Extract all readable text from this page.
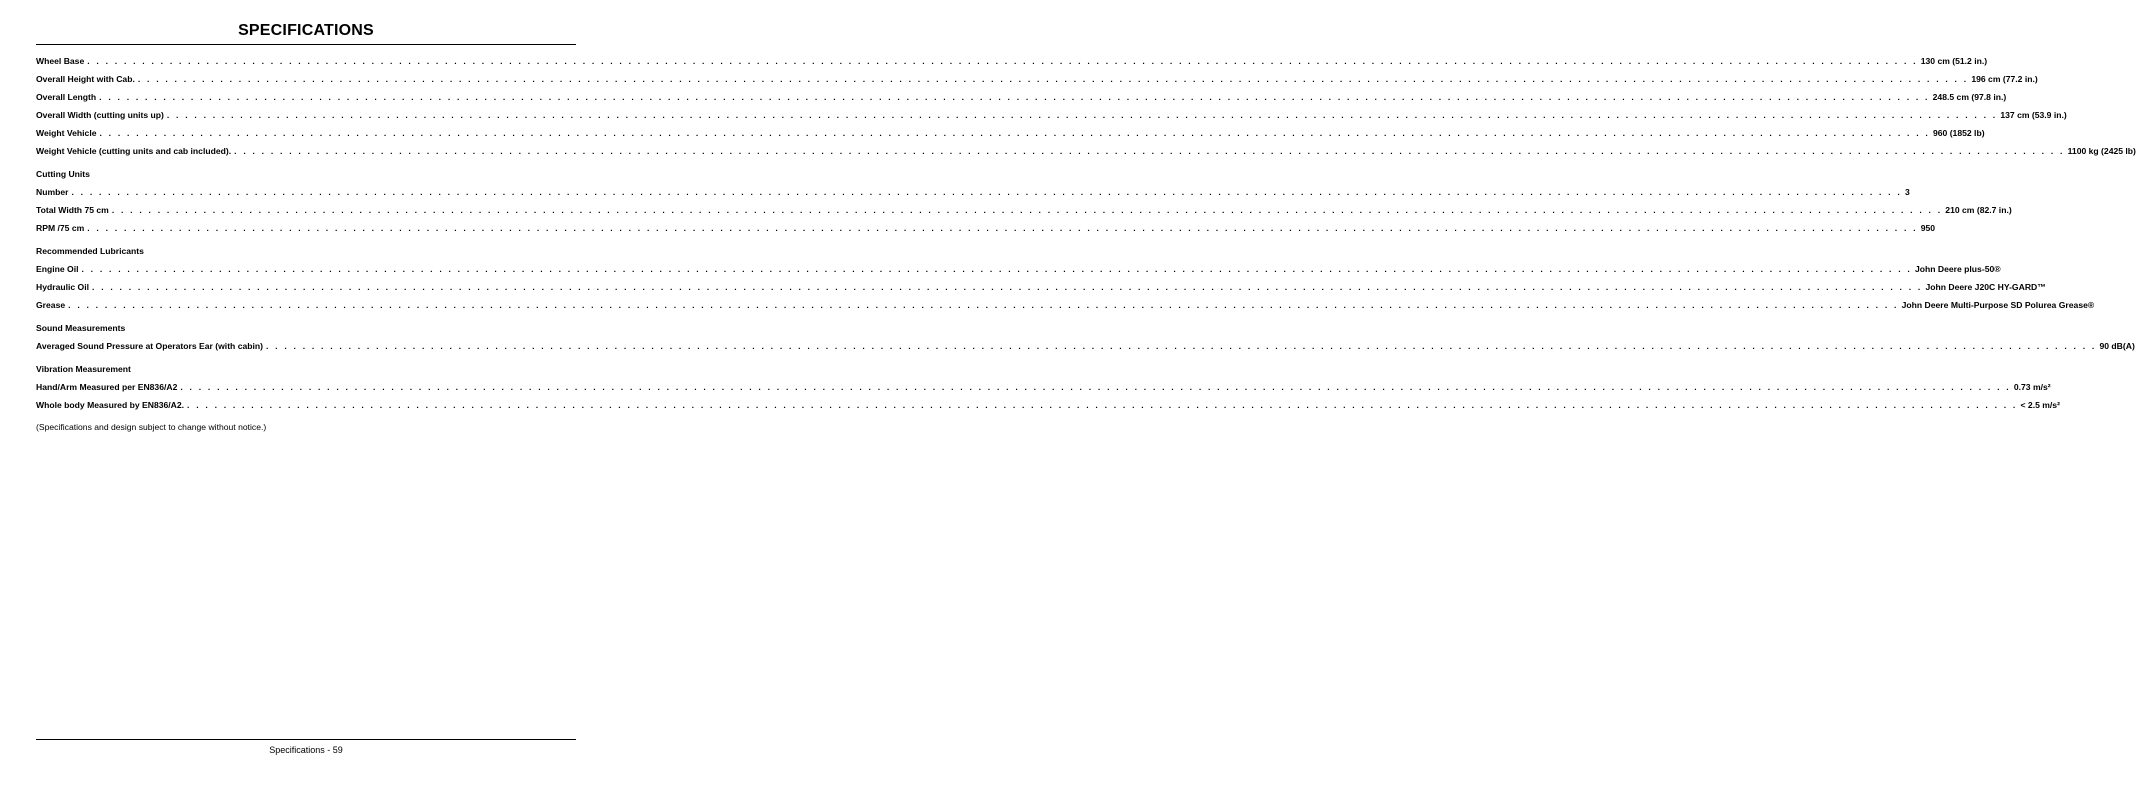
SPECIFICATIONS
Wheel Base . . . . . . . . . . . . . . . . . . . . . . . . . . . . . . . . . . . . . . . . . . . . . . . . . . . . . . . . . . . . . . . . . . . . . . . . . . . . . . . . . . . . . . . . . . . . . . . . . . . . . . . . . . . . . . . . . . . . . . . . . . . . . . . . . . . . . . . . . . . . . . . . . . . . . . . . . . . . . . . . . . . . . . . . . . . . . . . . . . . . . . . . . . . . . . . . . . . . . . . . 130 cm (51.2 in.)
Overall Height with Cab. . . . . . . . . . . . . . . . . . . . . . . . . . . . . . . . . . . . . . . . . . . . . . . . . . . . . . . . . . . . . . . . . . . . . . . . . . . . . . . . . . . . . . . . . . . . . . . . . . . . . . . . . . . . . . . . . . . . . . . . . . . . . . . . . . . . . . . . . . . . . . . . . . . . . . . . . . . . . . . . . . . . . . . . . . . . . . . . . . . . . . . . . . . . . . . . . . . . . . . . . 196 cm (77.2 in.)
Overall Length . . . . . . . . . . . . . . . . . . . . . . . . . . . . . . . . . . . . . . . . . . . . . . . . . . . . . . . . . . . . . . . . . . . . . . . . . . . . . . . . . . . . . . . . . . . . . . . . . . . . . . . . . . . . . . . . . . . . . . . . . . . . . . . . . . . . . . . . . . . . . . . . . . . . . . . . . . . . . . . . . . . . . . . . . . . . . . . . . . . . . . . . . . . . . . . . . . . . . . . . 248.5 cm (97.8 in.)
Overall Width (cutting units up) . . . . . . . . . . . . . . . . . . . . . . . . . . . . . . . . . . . . . . . . . . . . . . . . . . . . . . . . . . . . . . . . . . . . . . . . . . . . . . . . . . . . . . . . . . . . . . . . . . . . . . . . . . . . . . . . . . . . . . . . . . . . . . . . . . . . . . . . . . . . . . . . . . . . . . . . . . . . . . . . . . . . . . . . . . . . . . . . . . . . . . . . . . . . . . . . . . . . . . . . 137 cm (53.9 in.)
Weight Vehicle . . . . . . . . . . . . . . . . . . . . . . . . . . . . . . . . . . . . . . . . . . . . . . . . . . . . . . . . . . . . . . . . . . . . . . . . . . . . . . . . . . . . . . . . . . . . . . . . . . . . . . . . . . . . . . . . . . . . . . . . . . . . . . . . . . . . . . . . . . . . . . . . . . . . . . . . . . . . . . . . . . . . . . . . . . . . . . . . . . . . . . . . . . . . . . . . . . . . . . . . 960 (1852 lb)
Weight Vehicle (cutting units and cab included). . . . . . . . . . . . . . . . . . . . . . . . . . . . . . . . . . . . . . . . . . . . . . . . . . . . . . . . . . . . . . . . . . . . . . . . . . . . . . . . . . . . . . . . . . . . . . . . . . . . . . . . . . . . . . . . . . . . . . . . . . . . . . . . . . . . . . . . . . . . . . . . . . . . . . . . . . . . . . . . . . . . . . . . . . . . . . . . . . . . . . . . . . . . . . . . . . . . . . . . . 1100 kg (2425 lb)
Cutting Units
Number . . . . . . . . . . . . . . . . . . . . . . . . . . . . . . . . . . . . . . . . . . . . . . . . . . . . . . . . . . . . . . . . . . . . . . . . . . . . . . . . . . . . . . . . . . . . . . . . . . . . . . . . . . . . . . . . . . . . . . . . . . . . . . . . . . . . . . . . . . . . . . . . . . . . . . . . . . . . . . . . . . . . . . . . . . . . . . . . . . . . . . . . . . . . . . . . . . . . . . . . 3
Total Width 75 cm . . . . . . . . . . . . . . . . . . . . . . . . . . . . . . . . . . . . . . . . . . . . . . . . . . . . . . . . . . . . . . . . . . . . . . . . . . . . . . . . . . . . . . . . . . . . . . . . . . . . . . . . . . . . . . . . . . . . . . . . . . . . . . . . . . . . . . . . . . . . . . . . . . . . . . . . . . . . . . . . . . . . . . . . . . . . . . . . . . . . . . . . . . . . . . . . . . . . . . . . 210 cm (82.7 in.)
RPM /75 cm . . . . . . . . . . . . . . . . . . . . . . . . . . . . . . . . . . . . . . . . . . . . . . . . . . . . . . . . . . . . . . . . . . . . . . . . . . . . . . . . . . . . . . . . . . . . . . . . . . . . . . . . . . . . . . . . . . . . . . . . . . . . . . . . . . . . . . . . . . . . . . . . . . . . . . . . . . . . . . . . . . . . . . . . . . . . . . . . . . . . . . . . . . . . . . . . . . . . . . . . 950
Recommended Lubricants
Engine Oil . . . . . . . . . . . . . . . . . . . . . . . . . . . . . . . . . . . . . . . . . . . . . . . . . . . . . . . . . . . . . . . . . . . . . . . . . . . . . . . . . . . . . . . . . . . . . . . . . . . . . . . . . . . . . . . . . . . . . . . . . . . . . . . . . . . . . . . . . . . . . . . . . . . . . . . . . . . . . . . . . . . . . . . . . . . . . . . . . . . . . . . . . . . . . . . . . . . . . . . . John Deere plus-50®
Hydraulic Oil . . . . . . . . . . . . . . . . . . . . . . . . . . . . . . . . . . . . . . . . . . . . . . . . . . . . . . . . . . . . . . . . . . . . . . . . . . . . . . . . . . . . . . . . . . . . . . . . . . . . . . . . . . . . . . . . . . . . . . . . . . . . . . . . . . . . . . . . . . . . . . . . . . . . . . . . . . . . . . . . . . . . . . . . . . . . . . . . . . . . . . . . . . . . . . . . . . . . . . . . John Deere J20C HY-GARD™
Grease . . . . . . . . . . . . . . . . . . . . . . . . . . . . . . . . . . . . . . . . . . . . . . . . . . . . . . . . . . . . . . . . . . . . . . . . . . . . . . . . . . . . . . . . . . . . . . . . . . . . . . . . . . . . . . . . . . . . . . . . . . . . . . . . . . . . . . . . . . . . . . . . . . . . . . . . . . . . . . . . . . . . . . . . . . . . . . . . . . . . . . . . . . . . . . . . . . . . . . . . John Deere Multi-Purpose SD Polurea Grease®
Sound Measurements
Averaged Sound Pressure at Operators Ear (with cabin) . . . . . . . . . . . . . . . . . . . . . . . . . . . . . . . . . . . . . . . . . . . . . . . . . . . . . . . . . . . . . . . . . . . . . . . . . . . . . . . . . . . . . . . . . . . . . . . . . . . . . . . . . . . . . . . . . . . . . . . . . . . . . . . . . . . . . . . . . . . . . . . . . . . . . . . . . . . . . . . . . . . . . . . . . . . . . . . . . . . . . . . . . . . . . . . . . . . . . . . . 90 dB(A)
Vibration Measurement
Hand/Arm Measured per EN836/A2 . . . . . . . . . . . . . . . . . . . . . . . . . . . . . . . . . . . . . . . . . . . . . . . . . . . . . . . . . . . . . . . . . . . . . . . . . . . . . . . . . . . . . . . . . . . . . . . . . . . . . . . . . . . . . . . . . . . . . . . . . . . . . . . . . . . . . . . . . . . . . . . . . . . . . . . . . . . . . . . . . . . . . . . . . . . . . . . . . . . . . . . . . . . . . . . . . . . . . . . . 0.73 m/s²
Whole body Measured by EN836/A2. . . . . . . . . . . . . . . . . . . . . . . . . . . . . . . . . . . . . . . . . . . . . . . . . . . . . . . . . . . . . . . . . . . . . . . . . . . . . . . . . . . . . . . . . . . . . . . . . . . . . . . . . . . . . . . . . . . . . . . . . . . . . . . . . . . . . . . . . . . . . . . . . . . . . . . . . . . . . . . . . . . . . . . . . . . . . . . . . . . . . . . . . . . . . . . . . . . . . . . . . < 2.5 m/s²
(Specifications and design subject to change without notice.)
Specifications - 59
